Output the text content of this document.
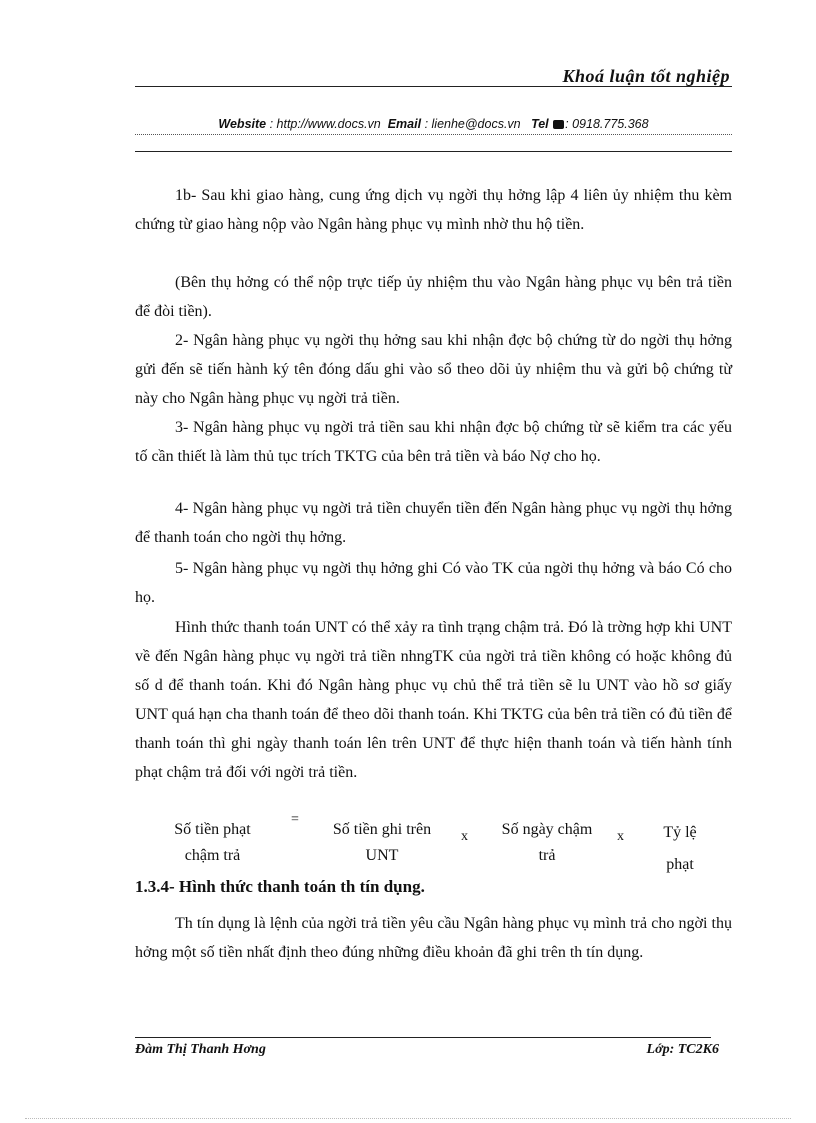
Khoá luận tốt nghiệp
Website : http://www.docs.vn Email : lienhe@docs.vn Tel : 0918.775.368

1b- Sau khi giao hàng, cung ứng dịch vụ ngời thụ hởng lập 4 liên ủy nhiệm thu kèm chứng từ giao hàng nộp vào Ngân hàng phục vụ mình nhờ thu hộ tiền.

(Bên thụ hởng có thể nộp trực tiếp ủy nhiệm thu vào Ngân hàng phục vụ bên trả tiền để đòi tiền).

2- Ngân hàng phục vụ ngời thụ hởng sau khi nhận đợc bộ chứng từ do ngời thụ hởng gửi đến sẽ tiến hành ký tên đóng dấu ghi vào sổ theo dõi ủy nhiệm thu và gửi bộ chứng từ này cho Ngân hàng phục vụ ngời trả tiền.

3- Ngân hàng phục vụ ngời trả tiền sau khi nhận đợc bộ chứng từ sẽ kiểm tra các yếu tố cần thiết là làm thủ tục trích TKTG của bên trả tiền và báo Nợ cho họ.

4- Ngân hàng phục vụ ngời trả tiền chuyển tiền đến Ngân hàng phục vụ ngời thụ hởng để thanh toán cho ngời thụ hởng.

5- Ngân hàng phục vụ ngời thụ hởng ghi Có vào TK của ngời thụ hởng và báo Có cho họ.

Hình thức thanh toán UNT có thể xảy ra tình trạng chậm trả. Đó là trờng hợp khi UNT về đến Ngân hàng phục vụ ngời trả tiền nhngTK của ngời trả tiền không có hoặc không đủ số d để thanh toán. Khi đó Ngân hàng phục vụ chủ thể trả tiền sẽ lu UNT vào hồ sơ giấy UNT quá hạn cha thanh toán để theo dõi thanh toán. Khi TKTG của bên trả tiền có đủ tiền để thanh toán thì ghi ngày thanh toán lên trên UNT để thực hiện thanh toán và tiến hành tính phạt chậm trả đối với ngời trả tiền.

Số tiền phạt
chậm trả
=
Số tiền ghi trên
UNT
x	Số ngày chậm
trả
x	Tỷ lệ
phạt
1.3.4- Hình thức thanh toán th tín dụng.

Th tín dụng là lệnh của ngời trả tiền yêu cầu Ngân hàng phục vụ mình trả cho ngời thụ hởng một số tiền nhất định theo đúng những điều khoản đã ghi trên th tín dụng.

Đàm Thị Thanh Hơng	Lớp: TC2K6
